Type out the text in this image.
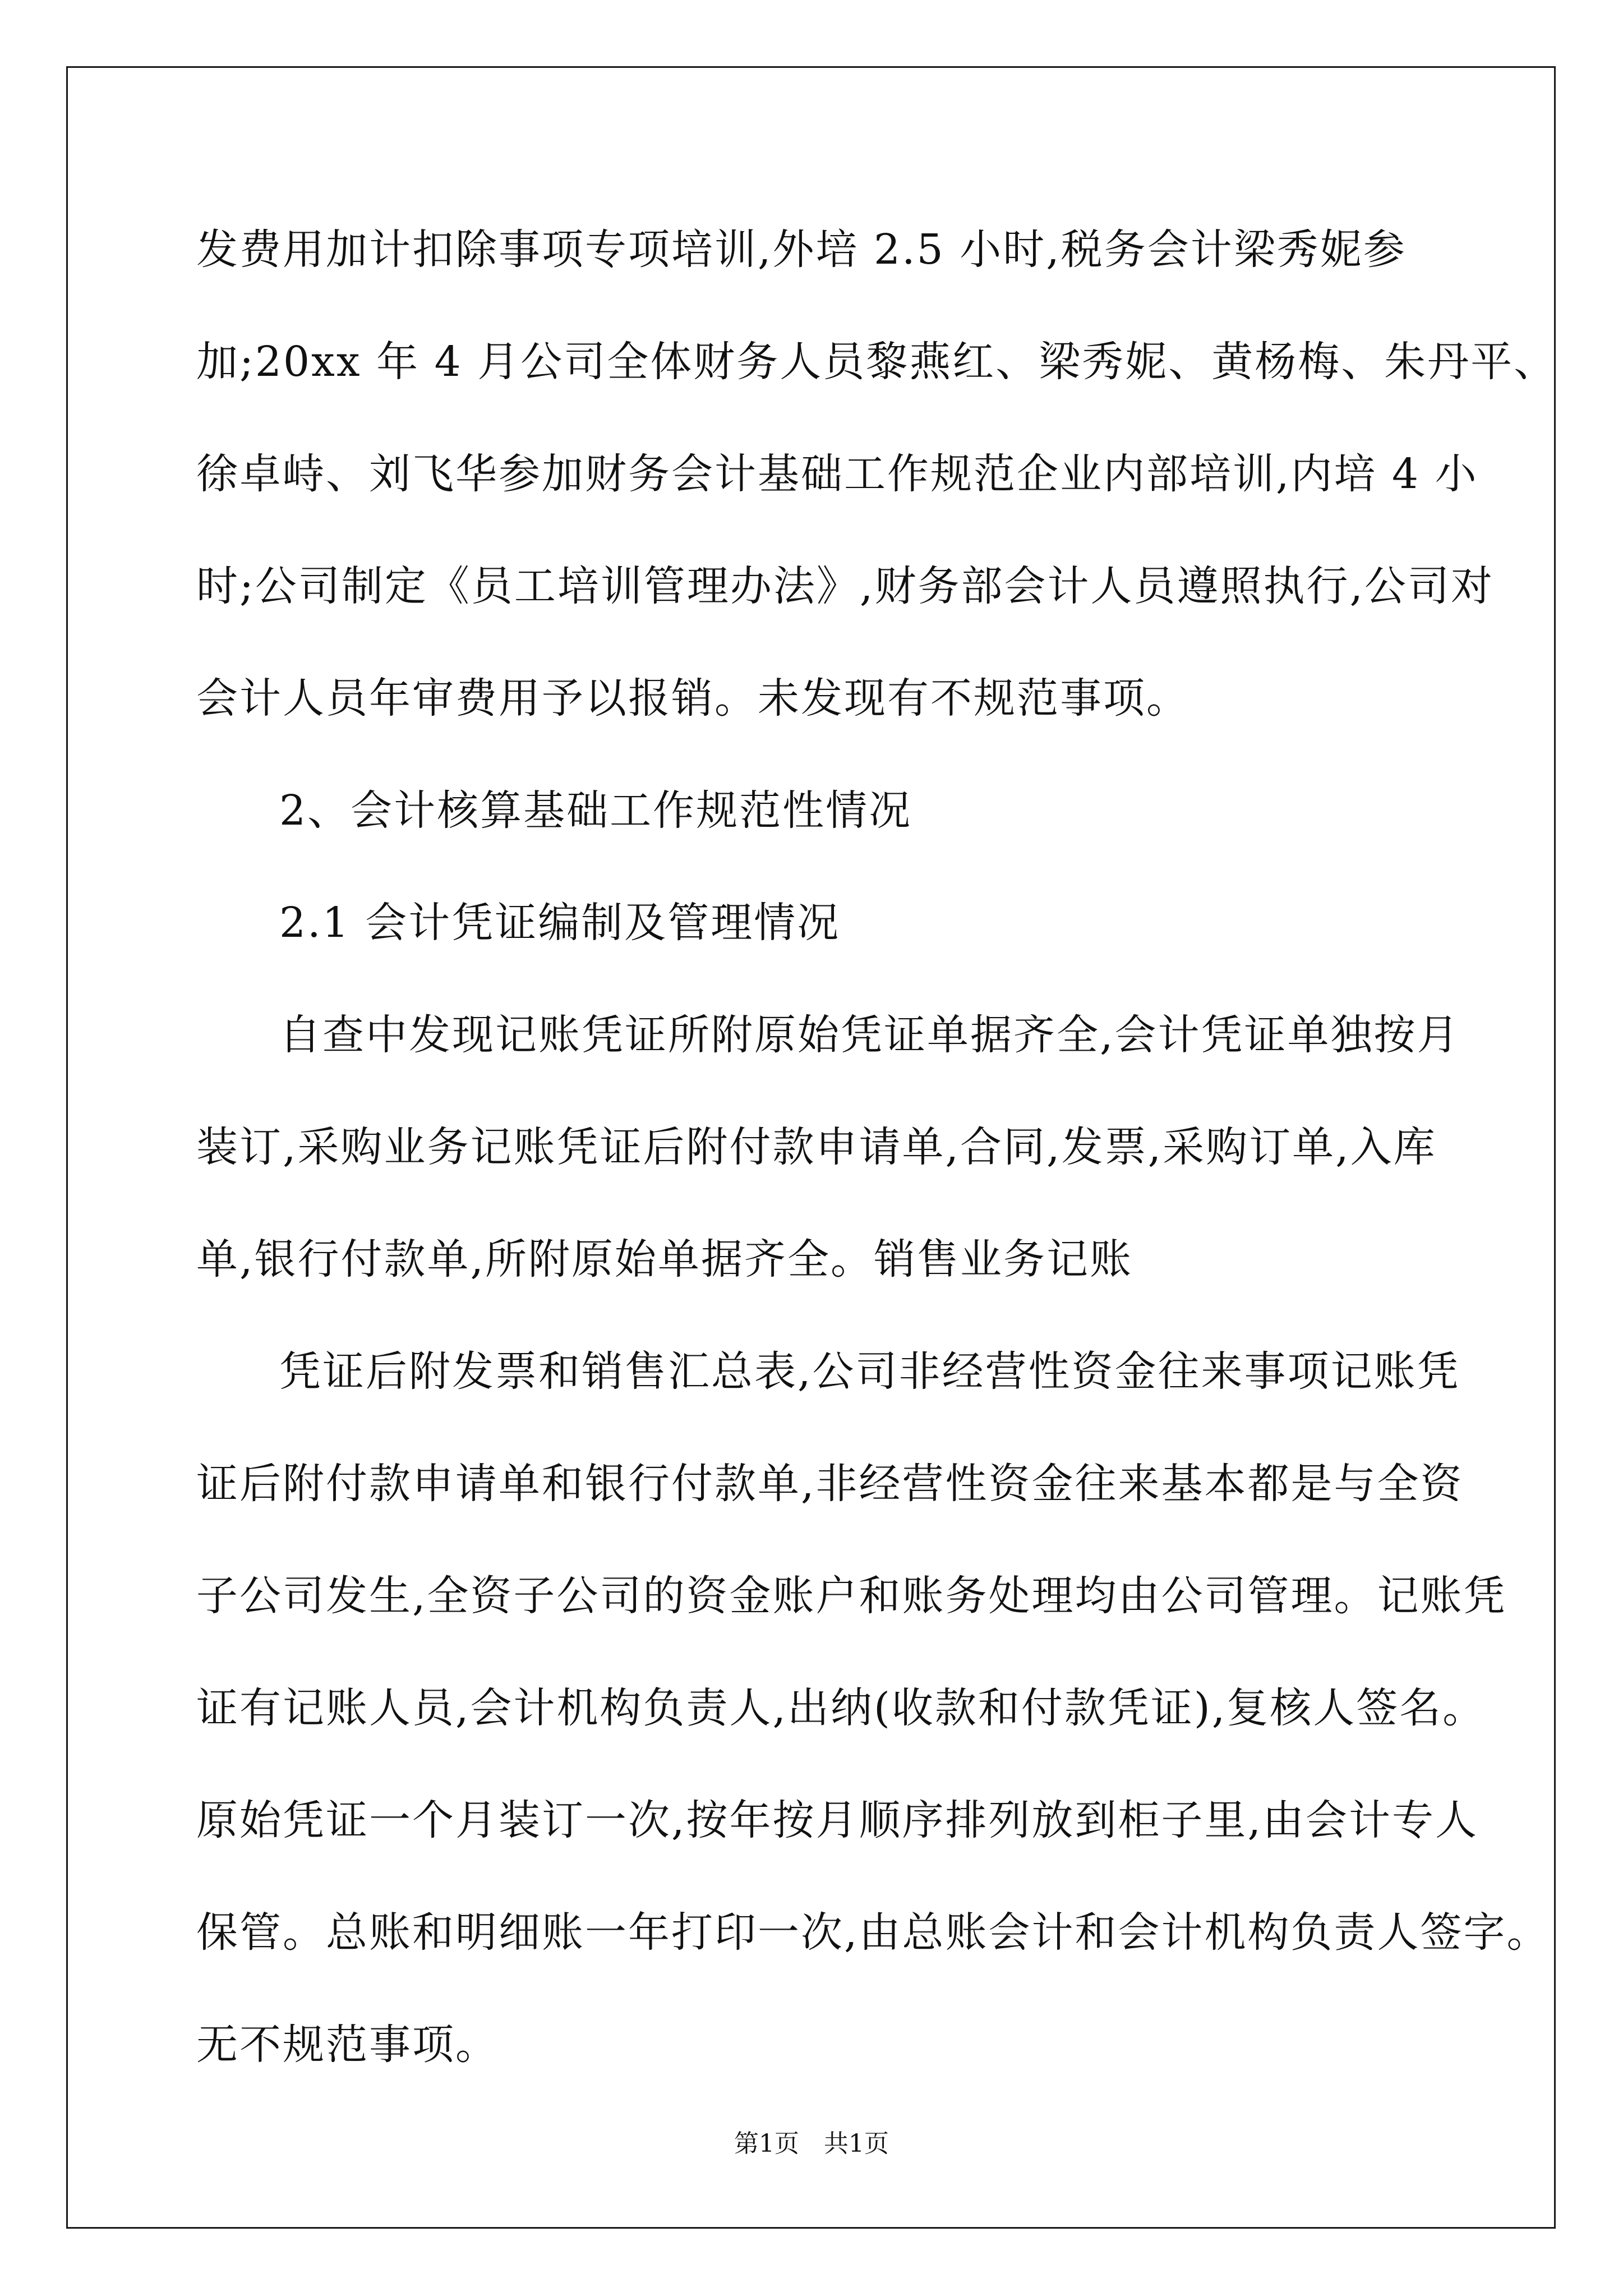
发费用加计扣除事项专项培训,外培 2.5 小时,税务会计梁秀妮参
加;20xx 年 4 月公司全体财务人员黎燕红、梁秀妮、黄杨梅、朱丹平、
徐卓峙、刘飞华参加财务会计基础工作规范企业内部培训,内培 4 小
时;公司制定《员工培训管理办法》,财务部会计人员遵照执行,公司对
会计人员年审费用予以报销。未发现有不规范事项。
2、会计核算基础工作规范性情况
2.1 会计凭证编制及管理情况
自查中发现记账凭证所附原始凭证单据齐全,会计凭证单独按月
装订,采购业务记账凭证后附付款申请单,合同,发票,采购订单,入库
单,银行付款单,所附原始单据齐全。销售业务记账
凭证后附发票和销售汇总表,公司非经营性资金往来事项记账凭
证后附付款申请单和银行付款单,非经营性资金往来基本都是与全资
子公司发生,全资子公司的资金账户和账务处理均由公司管理。记账凭
证有记账人员,会计机构负责人,出纳(收款和付款凭证),复核人签名。
原始凭证一个月装订一次,按年按月顺序排列放到柜子里,由会计专人
保管。总账和明细账一年打印一次,由总账会计和会计机构负责人签字。
无不规范事项。
第1页　共1页
